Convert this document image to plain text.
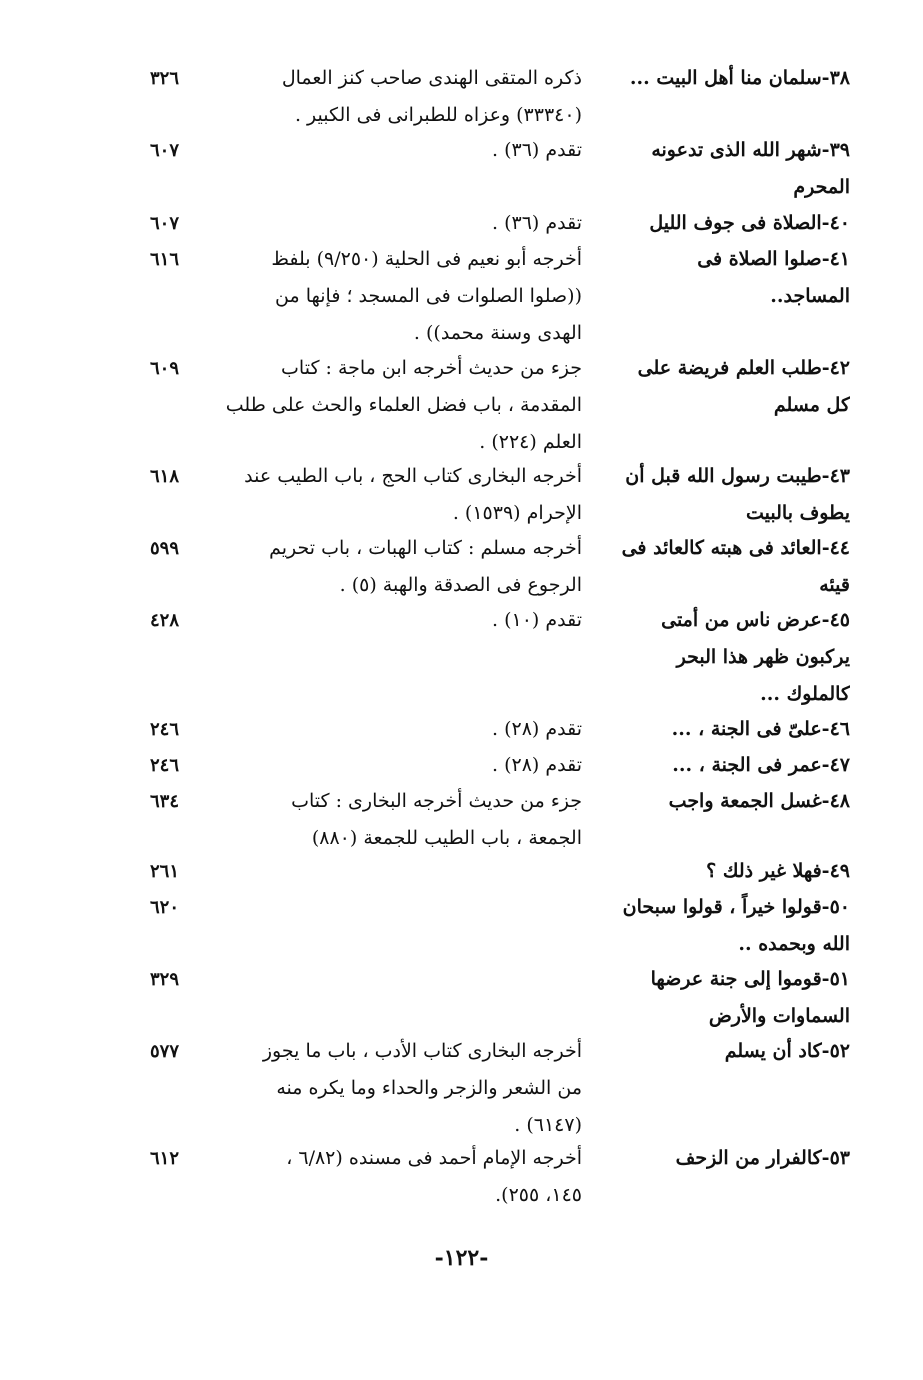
٣٨-سلمان منا أهل البيت ...
ذكره المتقى الهندى صاحب كنز العمال
(٣٣٣٤٠) وعزاه للطبرانى فى الكبير .
٣٢٦
٣٩-شهر الله الذى تدعونه
المحرم
تقدم (٣٦) .
٦٠٧
٤٠-الصلاة فى جوف الليل
تقدم (٣٦) .
٦٠٧
٤١-صلوا الصلاة فى
المساجد..
أخرجه أبو نعيم فى الحلية (٩/٢٥٠) بلفظ
((صلوا الصلوات فى المسجد ؛ فإنها من
الهدى وسنة محمد)) .
٦١٦
٤٢-طلب العلم فريضة على
كل مسلم
جزء من حديث أخرجه ابن ماجة : كتاب
المقدمة ، باب فضل العلماء والحث على طلب
العلم (٢٢٤) .
٦٠٩
٤٣-طيبت رسول الله قبل أن
يطوف بالبيت
أخرجه البخارى كتاب الحج ، باب الطيب عند
الإحرام (١٥٣٩) .
٦١٨
٤٤-العائد فى هبته كالعائد فى
قيئه
أخرجه مسلم : كتاب الهبات ، باب تحريم
الرجوع فى الصدقة والهبة (٥) .
٥٩٩
٤٥-عرض ناس من أمتى
يركبون ظهر هذا البحر
كالملوك ...
تقدم (١٠) .
٤٢٨
٤٦-علىّ فى الجنة ، ...
تقدم (٢٨) .
٢٤٦
٤٧-عمر فى الجنة ، ...
تقدم (٢٨) .
٢٤٦
٤٨-غسل الجمعة واجب
جزء من حديث أخرجه البخارى : كتاب
الجمعة ، باب الطيب للجمعة (٨٨٠)
٦٣٤
٤٩-فهلا غير ذلك ؟
٢٦١
٥٠-قولوا خيراً ، قولوا سبحان
الله وبحمده ..
٦٢٠
٥١-قوموا إلى جنة عرضها
السماوات والأرض
٣٢٩
٥٢-كاد أن يسلم
أخرجه البخارى كتاب الأدب ، باب ما يجوز
من الشعر والزجر والحداء وما يكره منه
(٦١٤٧) .
٥٧٧
٥٣-كالفرار من الزحف
أخرجه الإمام أحمد فى مسنده (٦/٨٢ ،
١٤٥، ٢٥٥).
٦١٢
-١٢٢-
